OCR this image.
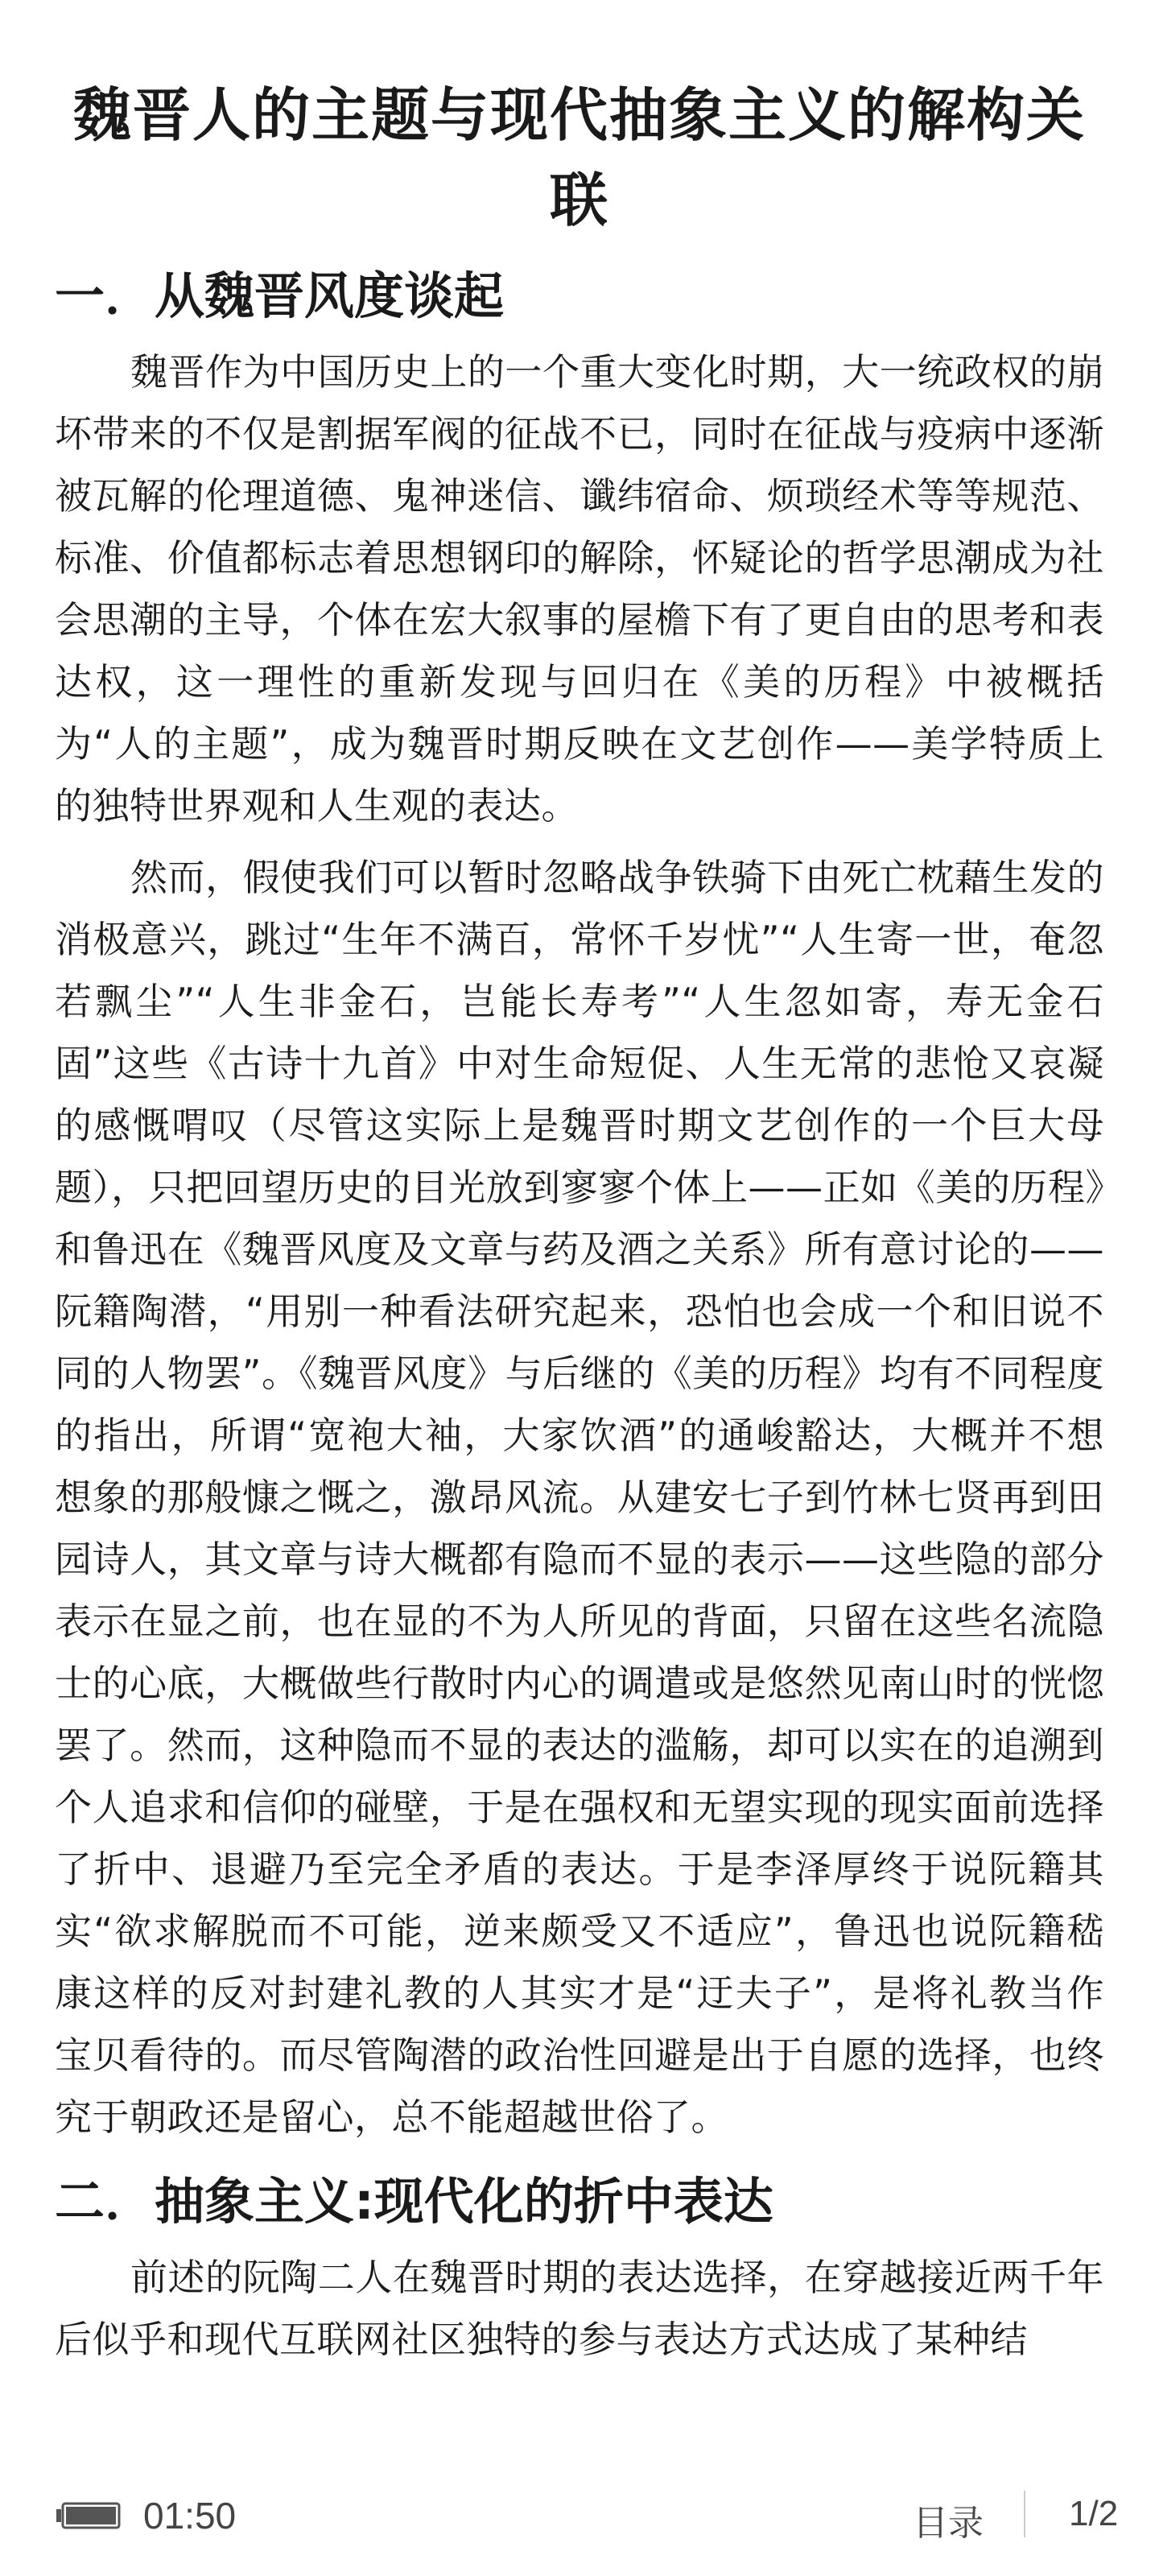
魏晋人的主题与现代抽象主义的解构关联
一．从魏晋风度谈起

魏晋作为中国历史上的一个重大变化时期，大一统政权的崩坏带来的不仅是割据军阀的征战不已，同时在征战与疫病中逐渐被瓦解的伦理道德、鬼神迷信、谶纬宿命、烦琐经术等等规范、标准、价值都标志着思想钢印的解除，怀疑论的哲学思潮成为社会思潮的主导，个体在宏大叙事的屋檐下有了更自由的思考和表达权，这一理性的重新发现与回归在《美的历程》中被概括为“人的主题”，成为魏晋时期反映在文艺创作——美学特质上的独特世界观和人生观的表达。

然而，假使我们可以暂时忽略战争铁骑下由死亡枕藉生发的消极意兴，跳过“生年不满百，常怀千岁忧”“人生寄一世，奄忽若飘尘”“人生非金石，岂能长寿考”“人生忽如寄，寿无金石固”这些《古诗十九首》中对生命短促、人生无常的悲怆又哀凝的感慨喟叹（尽管这实际上是魏晋时期文艺创作的一个巨大母题），只把回望历史的目光放到寥寥个体上——正如《美的历程》和鲁迅在《魏晋风度及文章与药及酒之关系》所有意讨论的——阮籍陶潜，“用别一种看法研究起来，恐怕也会成一个和旧说不同的人物罢”。《魏晋风度》与后继的《美的历程》均有不同程度的指出，所谓“宽袍大袖，大家饮酒”的通峻豁达，大概并不想想象的那般慷之慨之，激昂风流。从建安七子到竹林七贤再到田园诗人，其文章与诗大概都有隐而不显的表示——这些隐的部分表示在显之前，也在显的不为人所见的背面，只留在这些名流隐士的心底，大概做些行散时内心的调遣或是悠然见南山时的恍惚罢了。然而，这种隐而不显的表达的滥觞，却可以实在的追溯到个人追求和信仰的碰壁，于是在强权和无望实现的现实面前选择了折中、退避乃至完全矛盾的表达。于是李泽厚终于说阮籍其实“欲求解脱而不可能，逆来颇受又不适应”，鲁迅也说阮籍嵇康这样的反对封建礼教的人其实才是“迂夫子”，是将礼教当作宝贝看待的。而尽管陶潜的政治性回避是出于自愿的选择，也终究于朝政还是留心，总不能超越世俗了。

二．抽象主义:现代化的折中表达

前述的阮陶二人在魏晋时期的表达选择，在穿越接近两千年后似乎和现代互联网社区独特的参与表达方式达成了某种结

01:50	目录 1/2
